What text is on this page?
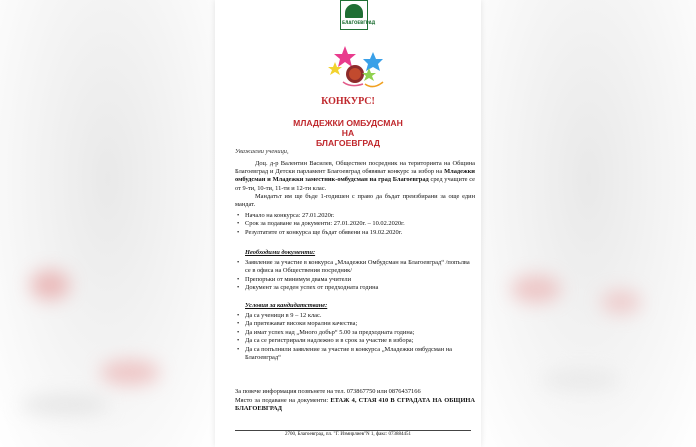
БЛАГОЕВГРАД
КОНКУРС!
МЛАДЕЖКИ ОМБУДСМАН
НА
БЛАГОЕВГРАД
Уважаеми ученици,
Доц. д-р Валентин Василев, Обществен посредник на територията на Община Благоевград и Детски парламент Благоевград обявяват конкурс за избор на Младежки омбудсман и Младежки заместник-омбудсман на град Благоевград сред учащите се от 9-ти, 10-ти, 11-ти и 12-ти клас.
Мандатът им ще бъде 1-годишен с право да бъдат преизбирани за още един мандат.
• Начало на конкурса: 27.01.2020г.
• Срок за подаване на документи: 27.01.2020г. – 10.02.2020г.
• Резултатите от конкурса ще бъдат обявени на 19.02.2020г.
Необходими документи:
• Заявление за участие в конкурса „Младежки Омбудсман на Благоевград“ /попълва се в офиса на Обществения посредник/
• Препоръки от минимум двама учители
• Документ за среден успех от предходната година
Условия за кандидатстване:
• Да са ученици в 9 – 12 клас.
• Да притежават високи морални качества;
• Да имат успех над „Много добър“ 5.00 за предходната година;
• Да са се регистрирали надлежно и в срок за участие в избора;
• Да са попълнили заявление за участие в конкурса „Младежки омбудсман на Благоевград“
За повече информация позвънете на тел. 073867750 или 0876437166
Място за подаване на документи: ЕТАЖ 4, СТАЯ 410 В СГРАДАТА НА ОБЩИНА БЛАГОЕВГРАД
2700, Благоевград, пл. "Г. Измирлиев"N 1, факс: 073884451
